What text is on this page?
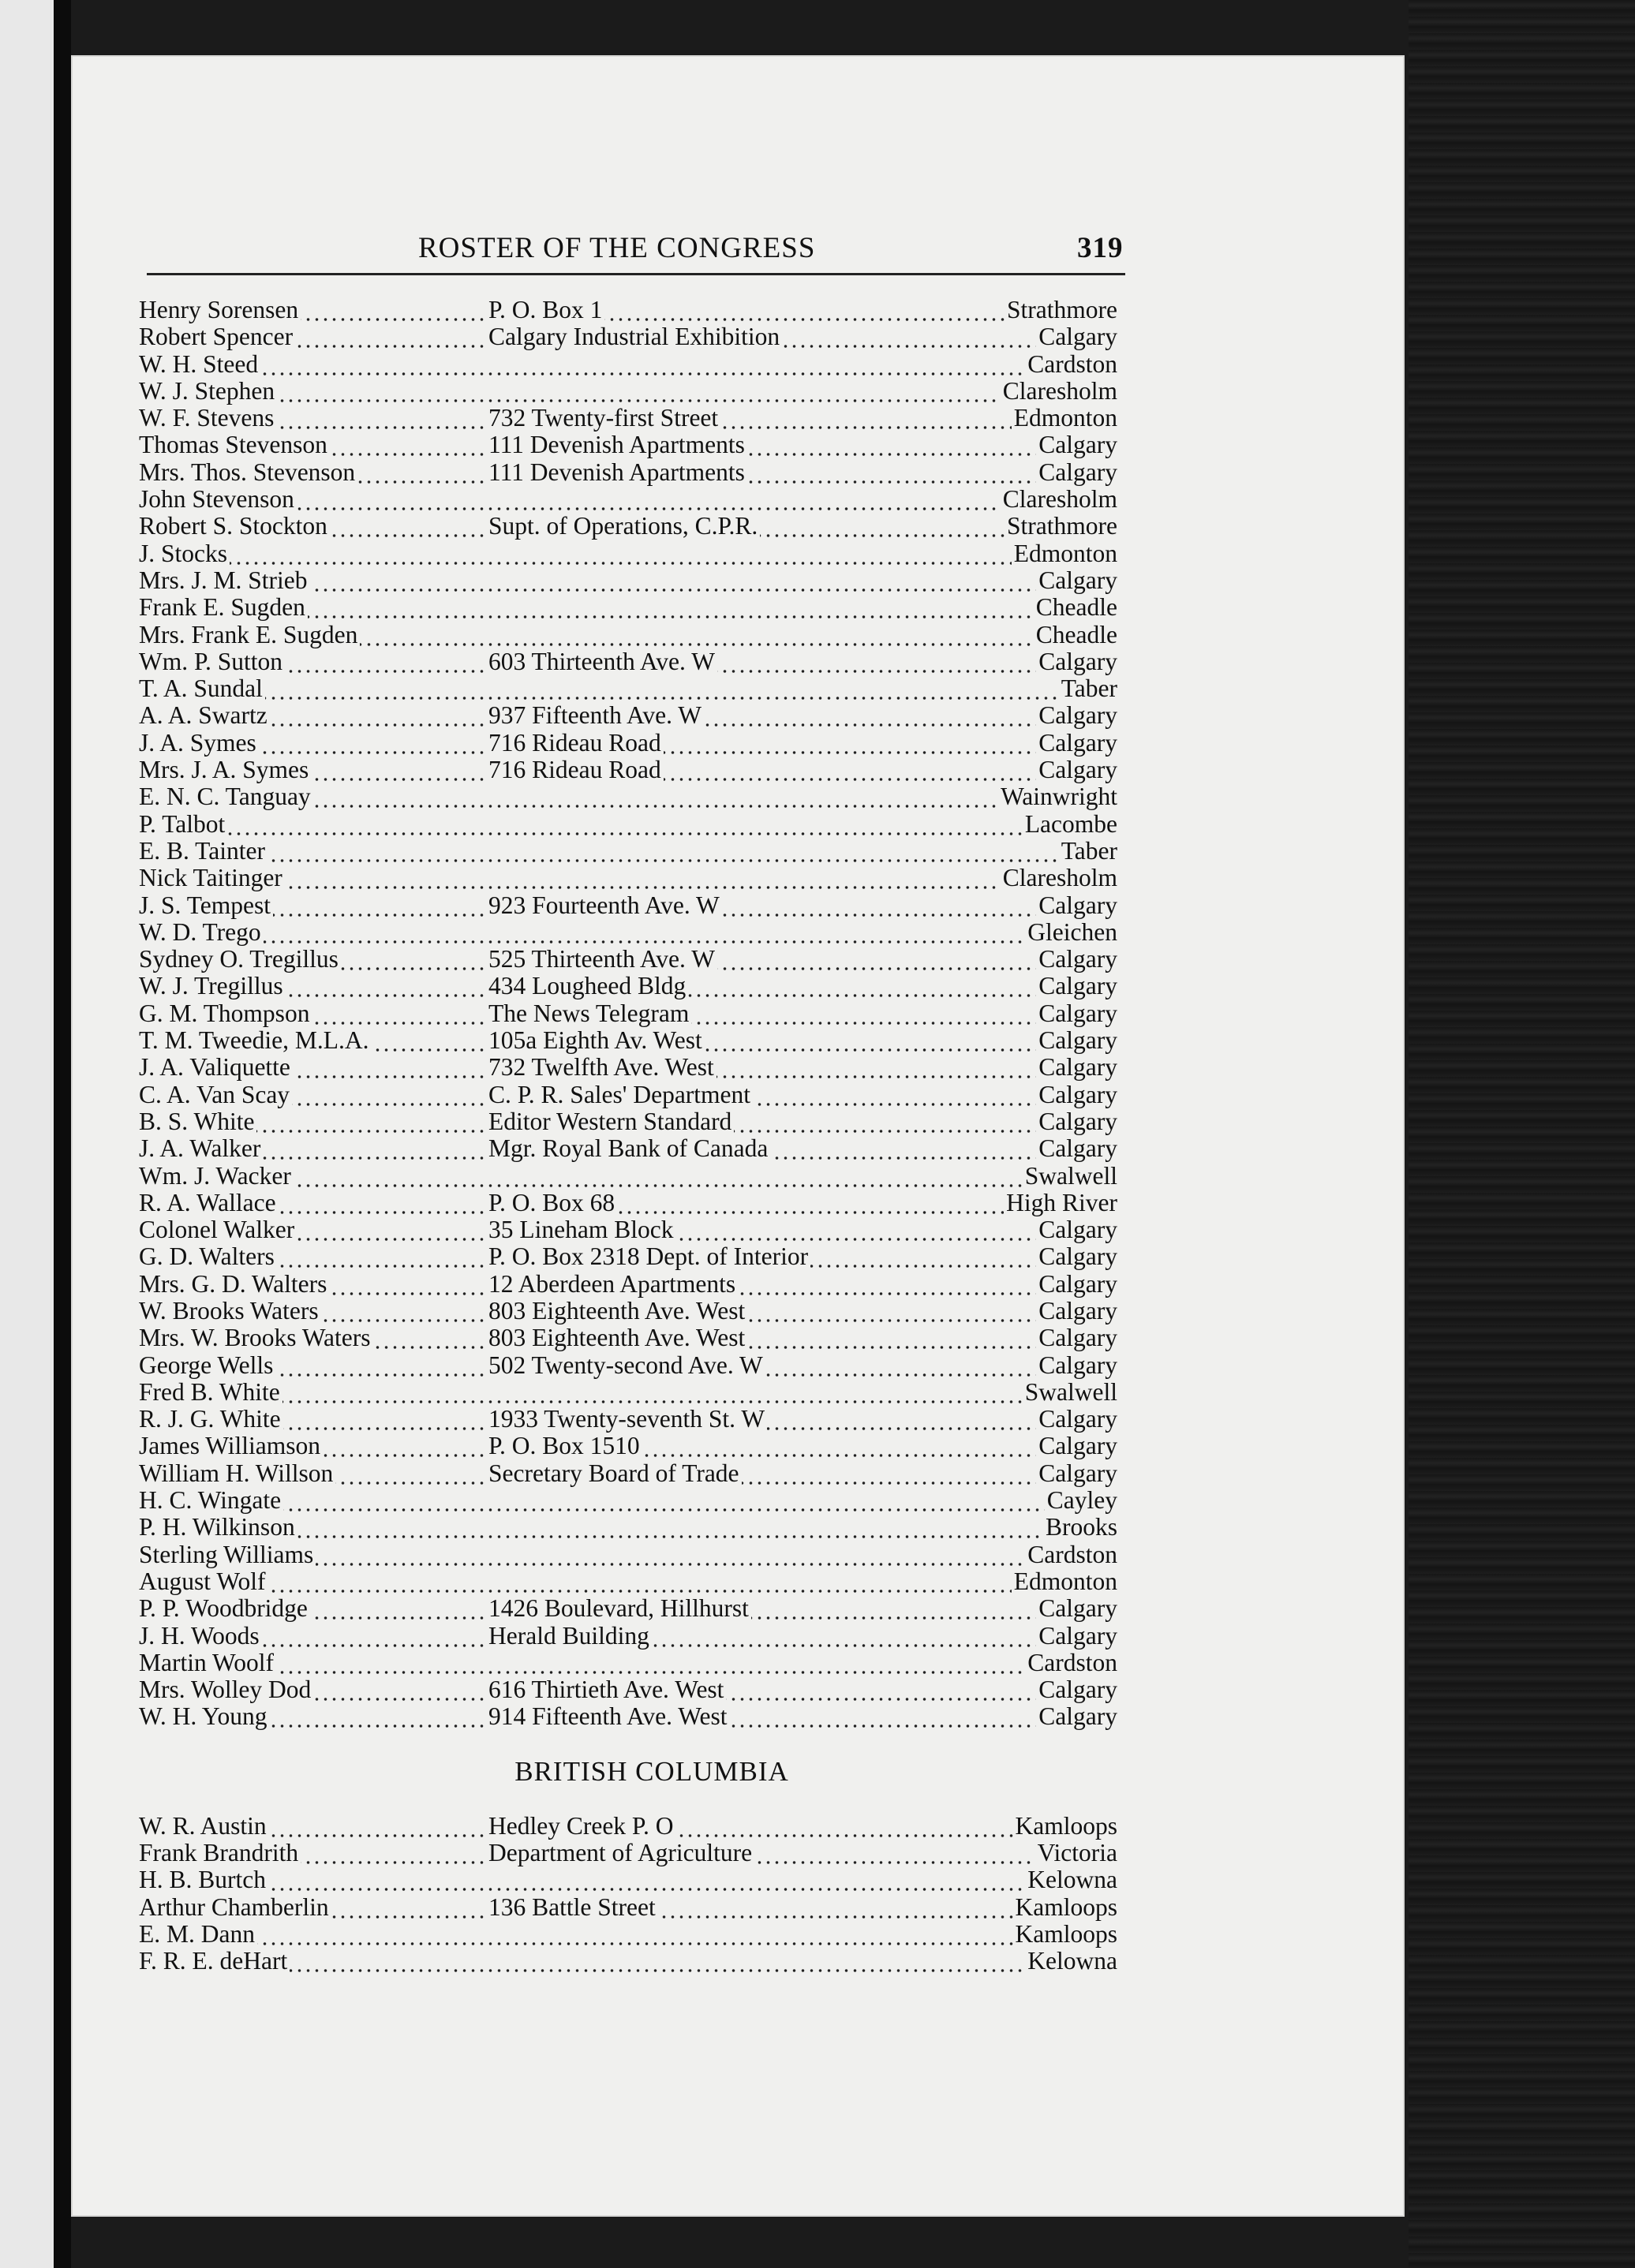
ROSTER OF THE CONGRESS	319
Henry Sorensen	P. O. Box 1	Strathmore
Robert Spencer	Calgary Industrial Exhibition	Calgary
W. H. Steed	Cardston
W. J. Stephen	Claresholm
W. F. Stevens	732 Twenty-first Street	Edmonton
Thomas Stevenson	111 Devenish Apartments	Calgary
Mrs. Thos. Stevenson	111 Devenish Apartments	Calgary
John Stevenson	Claresholm
Robert S. Stockton	Supt. of Operations, C.P.R.	Strathmore
J. Stocks	Edmonton
Mrs. J. M. Strieb	Calgary
Frank E. Sugden	Cheadle
Mrs. Frank E. Sugden	Cheadle
Wm. P. Sutton	603 Thirteenth Ave. W	Calgary
T. A. Sundal	Taber
A. A. Swartz	937 Fifteenth Ave. W	Calgary
J. A. Symes	716 Rideau Road	Calgary
Mrs. J. A. Symes	716 Rideau Road	Calgary
E. N. C. Tanguay	Wainwright
P. Talbot	Lacombe
E. B. Tainter	Taber
Nick Taitinger	Claresholm
J. S. Tempest	923 Fourteenth Ave. W	Calgary
W. D. Trego	Gleichen
Sydney O. Tregillus	525 Thirteenth Ave. W	Calgary
W. J. Tregillus	434 Lougheed Bldg	Calgary
G. M. Thompson	The News Telegram	Calgary
T. M. Tweedie, M.L.A.	105a Eighth Av. West	Calgary
J. A. Valiquette	732 Twelfth Ave. West	Calgary
C. A. Van Scay	C. P. R. Sales' Department	Calgary
B. S. White	Editor Western Standard	Calgary
J. A. Walker	Mgr. Royal Bank of Canada	Calgary
Wm. J. Wacker	Swalwell
R. A. Wallace	P. O. Box 68	High River
Colonel Walker	35 Lineham Block	Calgary
G. D. Walters	P. O. Box 2318 Dept. of Interior	Calgary
Mrs. G. D. Walters	12 Aberdeen Apartments	Calgary
W. Brooks Waters	803 Eighteenth Ave. West	Calgary
Mrs. W. Brooks Waters	803 Eighteenth Ave. West	Calgary
George Wells	502 Twenty-second Ave. W	Calgary
Fred B. White	Swalwell
R. J. G. White	1933 Twenty-seventh St. W	Calgary
James Williamson	P. O. Box 1510	Calgary
William H. Willson	Secretary Board of Trade	Calgary
H. C. Wingate	Cayley
P. H. Wilkinson	Brooks
Sterling Williams	Cardston
August Wolf	Edmonton
P. P. Woodbridge	1426 Boulevard, Hillhurst	Calgary
J. H. Woods	Herald Building	Calgary
Martin Woolf	Cardston
Mrs. Wolley Dod	616 Thirtieth Ave. West	Calgary
W. H. Young	914 Fifteenth Ave. West	Calgary
BRITISH COLUMBIA
W. R. Austin	Hedley Creek P. O	Kamloops
Frank Brandrith	Department of Agriculture	Victoria
H. B. Burtch	Kelowna
Arthur Chamberlin	136 Battle Street	Kamloops
E. M. Dann	Kamloops
F. R. E. deHart	Kelowna
